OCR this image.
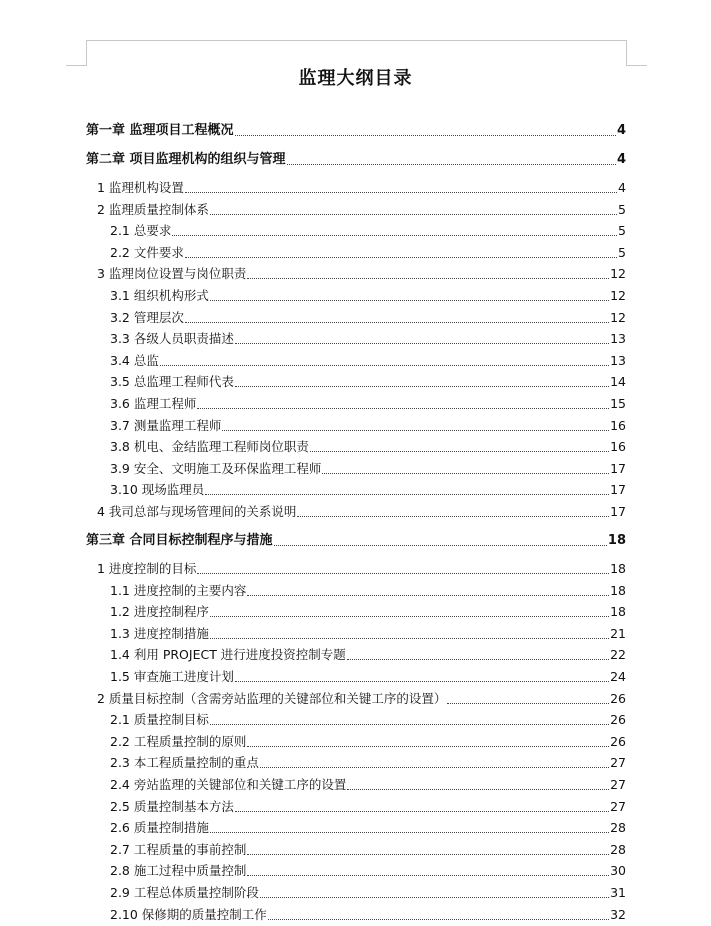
监理大纲目录
第一章 监理项目工程概况	4
第二章 项目监理机构的组织与管理	4
1 监理机构设置	4
2 监理质量控制体系	5
2.1 总要求	5
2.2 文件要求	5
3 监理岗位设置与岗位职责	12
3.1 组织机构形式	12
3.2 管理层次	12
3.3 各级人员职责描述	13
3.4 总监	13
3.5 总监理工程师代表	14
3.6 监理工程师	15
3.7 测量监理工程师	16
3.8 机电、金结监理工程师岗位职责	16
3.9 安全、文明施工及环保监理工程师	17
3.10 现场监理员	17
4 我司总部与现场管理间的关系说明	17
第三章 合同目标控制程序与措施	18
1 进度控制的目标	18
1.1 进度控制的主要内容	18
1.2 进度控制程序	18
1.3 进度控制措施	21
1.4 利用 PROJECT 进行进度投资控制专题	22
1.5 审查施工进度计划	24
2 质量目标控制（含需旁站监理的关键部位和关键工序的设置）	26
2.1 质量控制目标	26
2.2 工程质量控制的原则	26
2.3 本工程质量控制的重点	27
2.4 旁站监理的关键部位和关键工序的设置	27
2.5 质量控制基本方法	27
2.6 质量控制措施	28
2.7 工程质量的事前控制	28
2.8 施工过程中质量控制	30
2.9 工程总体质量控制阶段	31
2.10 保修期的质量控制工作	32
